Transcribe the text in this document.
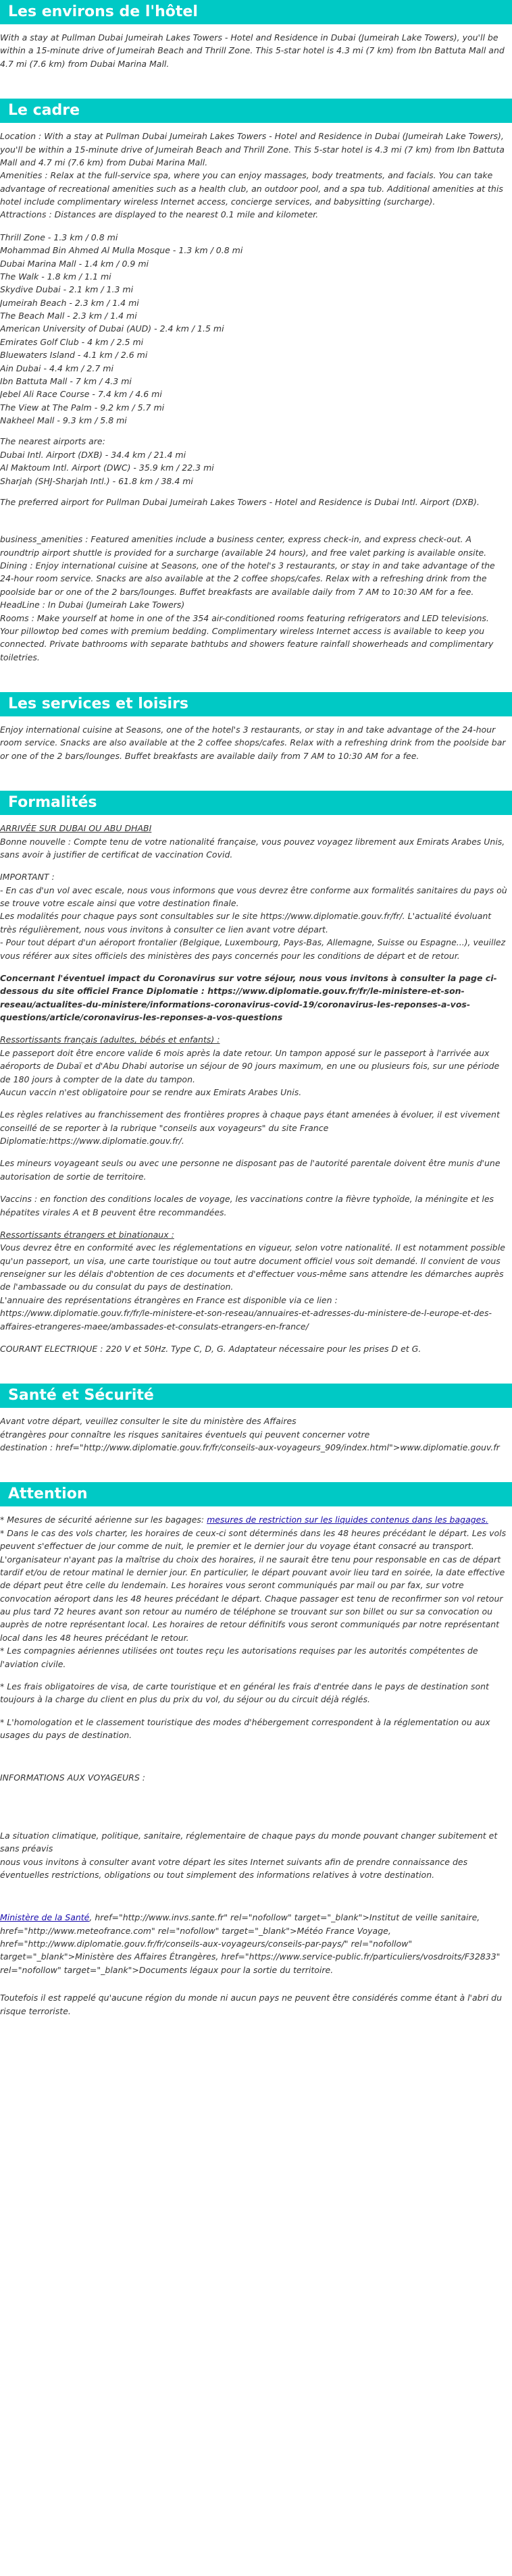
Les environs de l'hôtel

With a stay at Pullman Dubai Jumeirah Lakes Towers - Hotel and Residence in Dubai (Jumeirah Lake Towers), you'll be within a 15-minute drive of Jumeirah Beach and Thrill Zone. This 5-star hotel is 4.3 mi (7 km) from Ibn Battuta Mall and 4.7 mi (7.6 km) from Dubai Marina Mall.

Le cadre

Location : With a stay at Pullman Dubai Jumeirah Lakes Towers - Hotel and Residence in Dubai (Jumeirah Lake Towers), you'll be within a 15-minute drive of Jumeirah Beach and Thrill Zone. This 5-star hotel is 4.3 mi (7 km) from Ibn Battuta Mall and 4.7 mi (7.6 km) from Dubai Marina Mall.

Amenities : Relax at the full-service spa, where you can enjoy massages, body treatments, and facials. You can take advantage of recreational amenities such as a health club, an outdoor pool, and a spa tub. Additional amenities at this hotel include complimentary wireless Internet access, concierge services, and babysitting (surcharge).

Attractions : Distances are displayed to the nearest 0.1 mile and kilometer.

Thrill Zone - 1.3 km / 0.8 mi
Mohammad Bin Ahmed Al Mulla Mosque - 1.3 km / 0.8 mi
Dubai Marina Mall - 1.4 km / 0.9 mi
The Walk - 1.8 km / 1.1 mi
Skydive Dubai - 2.1 km / 1.3 mi
Jumeirah Beach - 2.3 km / 1.4 mi
The Beach Mall - 2.3 km / 1.4 mi
American University of Dubai (AUD) - 2.4 km / 1.5 mi
Emirates Golf Club - 4 km / 2.5 mi
Bluewaters Island - 4.1 km / 2.6 mi
Ain Dubai - 4.4 km / 2.7 mi
Ibn Battuta Mall - 7 km / 4.3 mi
Jebel Ali Race Course - 7.4 km / 4.6 mi
The View at The Palm - 9.2 km / 5.7 mi
Nakheel Mall - 9.3 km / 5.8 mi
The nearest airports are:
Dubai Intl. Airport (DXB) - 34.4 km / 21.4 mi
Al Maktoum Intl. Airport (DWC) - 35.9 km / 22.3 mi
Sharjah (SHJ-Sharjah Intl.) - 61.8 km / 38.4 mi

The preferred airport for Pullman Dubai Jumeirah Lakes Towers - Hotel and Residence is Dubai Intl. Airport (DXB).

business_amenities : Featured amenities include a business center, express check-in, and express check-out. A roundtrip airport shuttle is provided for a surcharge (available 24 hours), and free valet parking is available onsite.

Dining : Enjoy international cuisine at Seasons, one of the hotel's 3 restaurants, or stay in and take advantage of the 24-hour room service. Snacks are also available at the 2 coffee shops/cafes. Relax with a refreshing drink from the poolside bar or one of the 2 bars/lounges. Buffet breakfasts are available daily from 7 AM to 10:30 AM for a fee.

HeadLine : In Dubai (Jumeirah Lake Towers)

Rooms : Make yourself at home in one of the 354 air-conditioned rooms featuring refrigerators and LED televisions. Your pillowtop bed comes with premium bedding. Complimentary wireless Internet access is available to keep you connected. Private bathrooms with separate bathtubs and showers feature rainfall showerheads and complimentary toiletries.

Les services et loisirs

Enjoy international cuisine at Seasons, one of the hotel's 3 restaurants, or stay in and take advantage of the 24-hour room service. Snacks are also available at the 2 coffee shops/cafes. Relax with a refreshing drink from the poolside bar or one of the 2 bars/lounges. Buffet breakfasts are available daily from 7 AM to 10:30 AM for a fee.

Formalités

ARRIVÉE SUR DUBAI OU ABU DHABI

Bonne nouvelle : Compte tenu de votre nationalité française, vous pouvez voyagez librement aux Emirats Arabes Unis, sans avoir à justifier de certificat de vaccination Covid.

IMPORTANT :

- En cas d'un vol avec escale, nous vous informons que vous devrez être conforme aux formalités sanitaires du pays où se trouve votre escale ainsi que votre destination finale.

Les modalités pour chaque pays sont consultables sur le site https://www.diplomatie.gouv.fr/fr/. L'actualité évoluant très régulièrement, nous vous invitons à consulter ce lien avant votre départ.

- Pour tout départ d'un aéroport frontalier (Belgique, Luxembourg, Pays-Bas, Allemagne, Suisse ou Espagne...), veuillez vous référer aux sites officiels des ministères des pays concernés pour les conditions de départ et de retour.

Concernant l'éventuel impact du Coronavirus sur votre séjour, nous vous invitons à consulter la page ci-dessous du site officiel France Diplomatie : https://www.diplomatie.gouv.fr/fr/le-ministere-et-son-reseau/actualites-du-ministere/informations-coronavirus-covid-19/coronavirus-les-reponses-a-vos-questions/article/coronavirus-les-reponses-a-vos-questions

Ressortissants français (adultes, bébés et enfants) :

Le passeport doit être encore valide 6 mois après la date retour. Un tampon apposé sur le passeport à l'arrivée aux aéroports de Dubaï et d'Abu Dhabi autorise un séjour de 90 jours maximum, en une ou plusieurs fois, sur une période de 180 jours à compter de la date du tampon.

Aucun vaccin n'est obligatoire pour se rendre aux Emirats Arabes Unis.

Les règles relatives au franchissement des frontières propres à chaque pays étant amenées à évoluer, il est vivement conseillé de se reporter à la rubrique "conseils aux voyageurs" du site France Diplomatie:https://www.diplomatie.gouv.fr/.

Les mineurs voyageant seuls ou avec une personne ne disposant pas de l'autorité parentale doivent être munis d'une autorisation de sortie de territoire.

Vaccins : en fonction des conditions locales de voyage, les vaccinations contre la fièvre typhoïde, la méningite et les hépatites virales A et B peuvent être recommandées.

Ressortissants étrangers et binationaux :

Vous devrez être en conformité avec les réglementations en vigueur, selon votre nationalité. Il est notamment possible qu'un passeport, un visa, une carte touristique ou tout autre document officiel vous soit demandé. Il convient de vous renseigner sur les délais d'obtention de ces documents et d'effectuer vous-même sans attendre les démarches auprès de l'ambassade ou du consulat du pays de destination.

L'annuaire des représentations étrangères en France est disponible via ce lien :

https://www.diplomatie.gouv.fr/fr/le-ministere-et-son-reseau/annuaires-et-adresses-du-ministere-de-l-europe-et-des-affaires-etrangeres-maee/ambassades-et-consulats-etrangers-en-france/

COURANT ELECTRIQUE : 220 V et 50Hz. Type C, D, G. Adaptateur nécessaire pour les prises D et G.

Santé et Sécurité

Avant votre départ, veuillez consulter le site du ministère des Affaires

étrangères pour connaître les risques sanitaires éventuels qui peuvent concerner votre

destination : href="http://www.diplomatie.gouv.fr/fr/conseils-aux-voyageurs_909/index.html">www.diplomatie.gouv.fr

Attention

* Mesures de sécurité aérienne sur les bagages: mesures de restriction sur les liquides contenus dans les bagages.

* Dans le cas des vols charter, les horaires de ceux-ci sont déterminés dans les 48 heures précédant le départ. Les vols peuvent s'effectuer de jour comme de nuit, le premier et le dernier jour du voyage étant consacré au transport. L'organisateur n'ayant pas la maîtrise du choix des horaires, il ne saurait être tenu pour responsable en cas de départ tardif et/ou de retour matinal le dernier jour. En particulier, le départ pouvant avoir lieu tard en soirée, la date effective de départ peut être celle du lendemain. Les horaires vous seront communiqués par mail ou par fax, sur votre convocation aéroport dans les 48 heures précédant le départ. Chaque passager est tenu de reconfirmer son vol retour au plus tard 72 heures avant son retour au numéro de téléphone se trouvant sur son billet ou sur sa convocation ou auprès de notre représentant local. Les horaires de retour définitifs vous seront communiqués par notre représentant local dans les 48 heures précédant le retour.

* Les compagnies aériennes utilisées ont toutes reçu les autorisations requises par les autorités compétentes de l'aviation civile.

* Les frais obligatoires de visa, de carte touristique et en général les frais d'entrée dans le pays de destination sont toujours à la charge du client en plus du prix du vol, du séjour ou du circuit déjà réglés.

* L'homologation et le classement touristique des modes d'hébergement correspondent à la réglementation ou aux usages du pays de destination.

INFORMATIONS AUX VOYAGEURS :

La situation climatique, politique, sanitaire, réglementaire de chaque pays du monde pouvant changer subitement et sans préavis

nous vous invitons à consulter avant votre départ les sites Internet suivants afin de prendre connaissance des éventuelles restrictions, obligations ou tout simplement des informations relatives à votre destination.

Ministère de la Santé, href="http://www.invs.sante.fr" rel="nofollow" target="_blank">Institut de veille sanitaire, href="http://www.meteofrance.com" rel="nofollow" target="_blank">Météo France Voyage, href="http://www.diplomatie.gouv.fr/fr/conseils-aux-voyageurs/conseils-par-pays/" rel="nofollow" target="_blank">Ministère des Affaires Étrangères, href="https://www.service-public.fr/particuliers/vosdroits/F32833" rel="nofollow" target="_blank">Documents légaux pour la sortie du territoire.

Toutefois il est rappelé qu'aucune région du monde ni aucun pays ne peuvent être considérés comme étant à l'abri du risque terroriste.
